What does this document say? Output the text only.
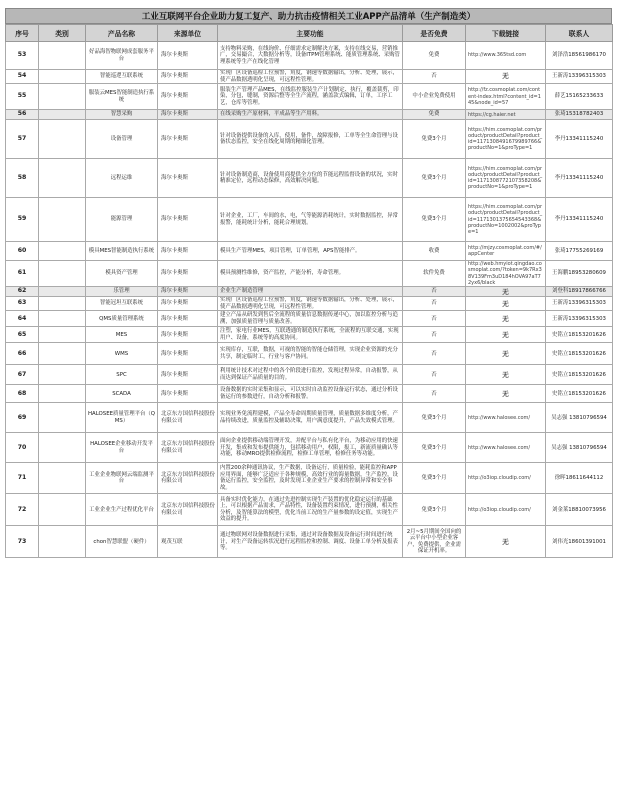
工业互联网平台企业助力复工复产、助力抗击疫情相关工业APP产品清单（生产制造类）
序号	类别	产品名称	来源单位	主要功能	是否免费	下载链接	联系人
53		好品海智物联网成套服务平台	海尔卡奥斯	支持物料采购，在线询价、仔细需求定制解决方案，支持在线交易，营销推广，交易撮合，大数据分析等，设备ITPM管理系统、能质管理系统、采购管理系统等生产在线化管理	免费	http://www.365tsd.com	刘泽浩18561986170
54		智能巡逻互联系统	海尔卡奥斯	实现厂区设备巡检工位预警，角度，钢速等数据输出，分析、处理，展示，使产品数据透明化呈现，可远程性管理。	否	无	王新涛13396315303
55		服装云MES智能制造执行系统	海尔卡奥斯	服装生产管理产品MES，在线监控服装生产计划制定、执行，覆盖裁剪，印染，分包，缝制，资源后整等全生产流程，涵盖款式编辑，订单，工序工艺，仓库等管理。	中小企业免费使用	http://fz.cosmoplat.com/content-index.html?content_id=145&node_id=57	薛艺15165233633
56		智慧采购	海尔卡奥斯	在线采购生产原材料，平成品等生产用料。	免费	https://cg.haier.net	张琦15318782403
57		设备管理	海尔卡奥斯	针对设备提供设备的入库，使用，备件，故障报修，工单等全生命管理与设备状态监控，安全在线化周期的精细化管理。	免费3个月	https://him.cosmoplat.com/product/productDetail?product_id=1171308491679989766&productNo=1&proType=1	李丹13341115240
58		远程运维	海尔卡奥斯	针对设备制造商，设备使用商提供全方位的节能远程监督设备的状况，实时精准定位，远程动态保修，高效解决问题。	免费3个月	https://him.cosmoplat.com/product/productDetail?product_id=1171308772107358208&productNo=1&proType=1	李丹13341115240
59		能源管理	海尔卡奥斯	针对企业，工厂，车间的水，电，气等能源消耗统计，实时数据监控，异常报警，能耗统计分析，能耗合理规划。	免费3个月	https://him.cosmoplat.com/product/productDetail?product_id=1171301375654543368&productNo=1002002&proType=1	李丹13341115240
60		模具MES智能制造执行系统	海尔卡奥斯	模具生产管理MES，项目管理，订单管理，APS智能排产。	收费	http://mjzy.cosmoplat.com/#/appCenter	张琦17755269169
61		模具资产管理	海尔卡奥斯	模具预测性维修，资产监控，产能分析，寿命管理。	软件免费	http://web.hmyiot.qingdao.cosmoplat.com/?token=9k7Rx38V139Fm3uD184hOVA97aT72yx6/black	王海鹏18953280609
62		乐管理	海尔卡奥斯	企业生产制造管理	否	无	刘登科18917866766
63		智能冠坦互联系统	海尔卡奥斯	实现厂区设备巡检工位预警，角度，钢速等数据输出，分析、处理，展示，使产品数据透明化呈现，可远程性管理。	否	无	王新涛13396315303
64		QMS质量管理系统	海尔卡奥斯	建立产品从研发到售后全流程的质量信息数据传递中心，加以监控分析与追溯，加强质量管理与质量改善。	否	无	王新涛13396315303
65		MES	海尔卡奥斯	注塑，家电行业MES，互联透通的制造执行系统，全流程的互联交通，实现用户、设备，系统等的高度协同。	否	无	史铭立18153201626
66		WMS	海尔卡奥斯	实现库存，互联，数据，可视的智能的智能仓储管理，实现企业资源的充分共享，制定临时工，行业与客户协同。	否	无	史铭立18153201626
67		SPC	海尔卡奥斯	利用统计技术对过程中的各个阶段进行监控，发现过程异常，自动报警，从而达到保证产品质量的目的。	否	无	史铭立18153201626
68		SCADA	海尔卡奥斯	设备数据的实时采集和显示，可以实时自动监控设备运行状态，通过分析设备运行的参数进行，自动分析和报警。	否	无	史铭立18153201626
69		HALOSEE质量管理平台（QMS）	北京东方国信科技股份有限公司	实现业务免流程建模，产品全寿命周期质量管理，质量数据多维度分析，产品持续改进，质量监控及辅助决策，用户满意度提升，产品失效模式管理。	免费3个月	http://www.halosee.com/	吴志强 13810796594
70		HALOSEE企业移动开发平台	北京东方国信科技股份有限公司	面向企业提供移动端管理开发，并配平台与私有化平台，为移动应用的快速开发，集成和发布提供能力，包括移动用户，权限，报工，新流质量确认等功能，移动MRO提供检修流程，检修工单管理，检修任务等功能。	免费3个月	http://www.halosee.com/	吴志强 13810796594
71		工业企业物联网云端监测平台	北京东方国信科技股份有限公司	内置200余种通讯协议，生产数据，设备运行，质量检验，能耗监控和APP应用界面，能够广泛适应于各种规模，高效行业的海量数据，生产监控，设备运行监控，安全监控，及时发现工业企业生产要求的控制异常和安全事故。	免费3个月	http://o3iop.cloudip.com/	徐晖18611644112
72		工业企业生产过程优化平台	北京东方国信科技股份有限公司	具备实时优化能力，在通过先进控制实现生产装置的优化稳定运行的基础上，可以根据产品需求，产品特性，设备装置约束情况，进行预测，相关性分析，及智能算法的模型，优化当前工况的生产量参数的设定值，实现生产效益的提升。	免费3个月	http://o3iop.cloudip.com/	刘金莱18810073956
73		chon智慧联盟（硬件）	观茂互联	通过物联网对设备数据进行采集，通过对设备数据及设备运行时间进行统计，对生产设备运转状况进行远程监控和控制、调度、设备工单分析及报表等。	2月~5月期间全国向的云平台中小型企业客户，免费提供，企业需保证开机率。	无	刘伟光18601391001
